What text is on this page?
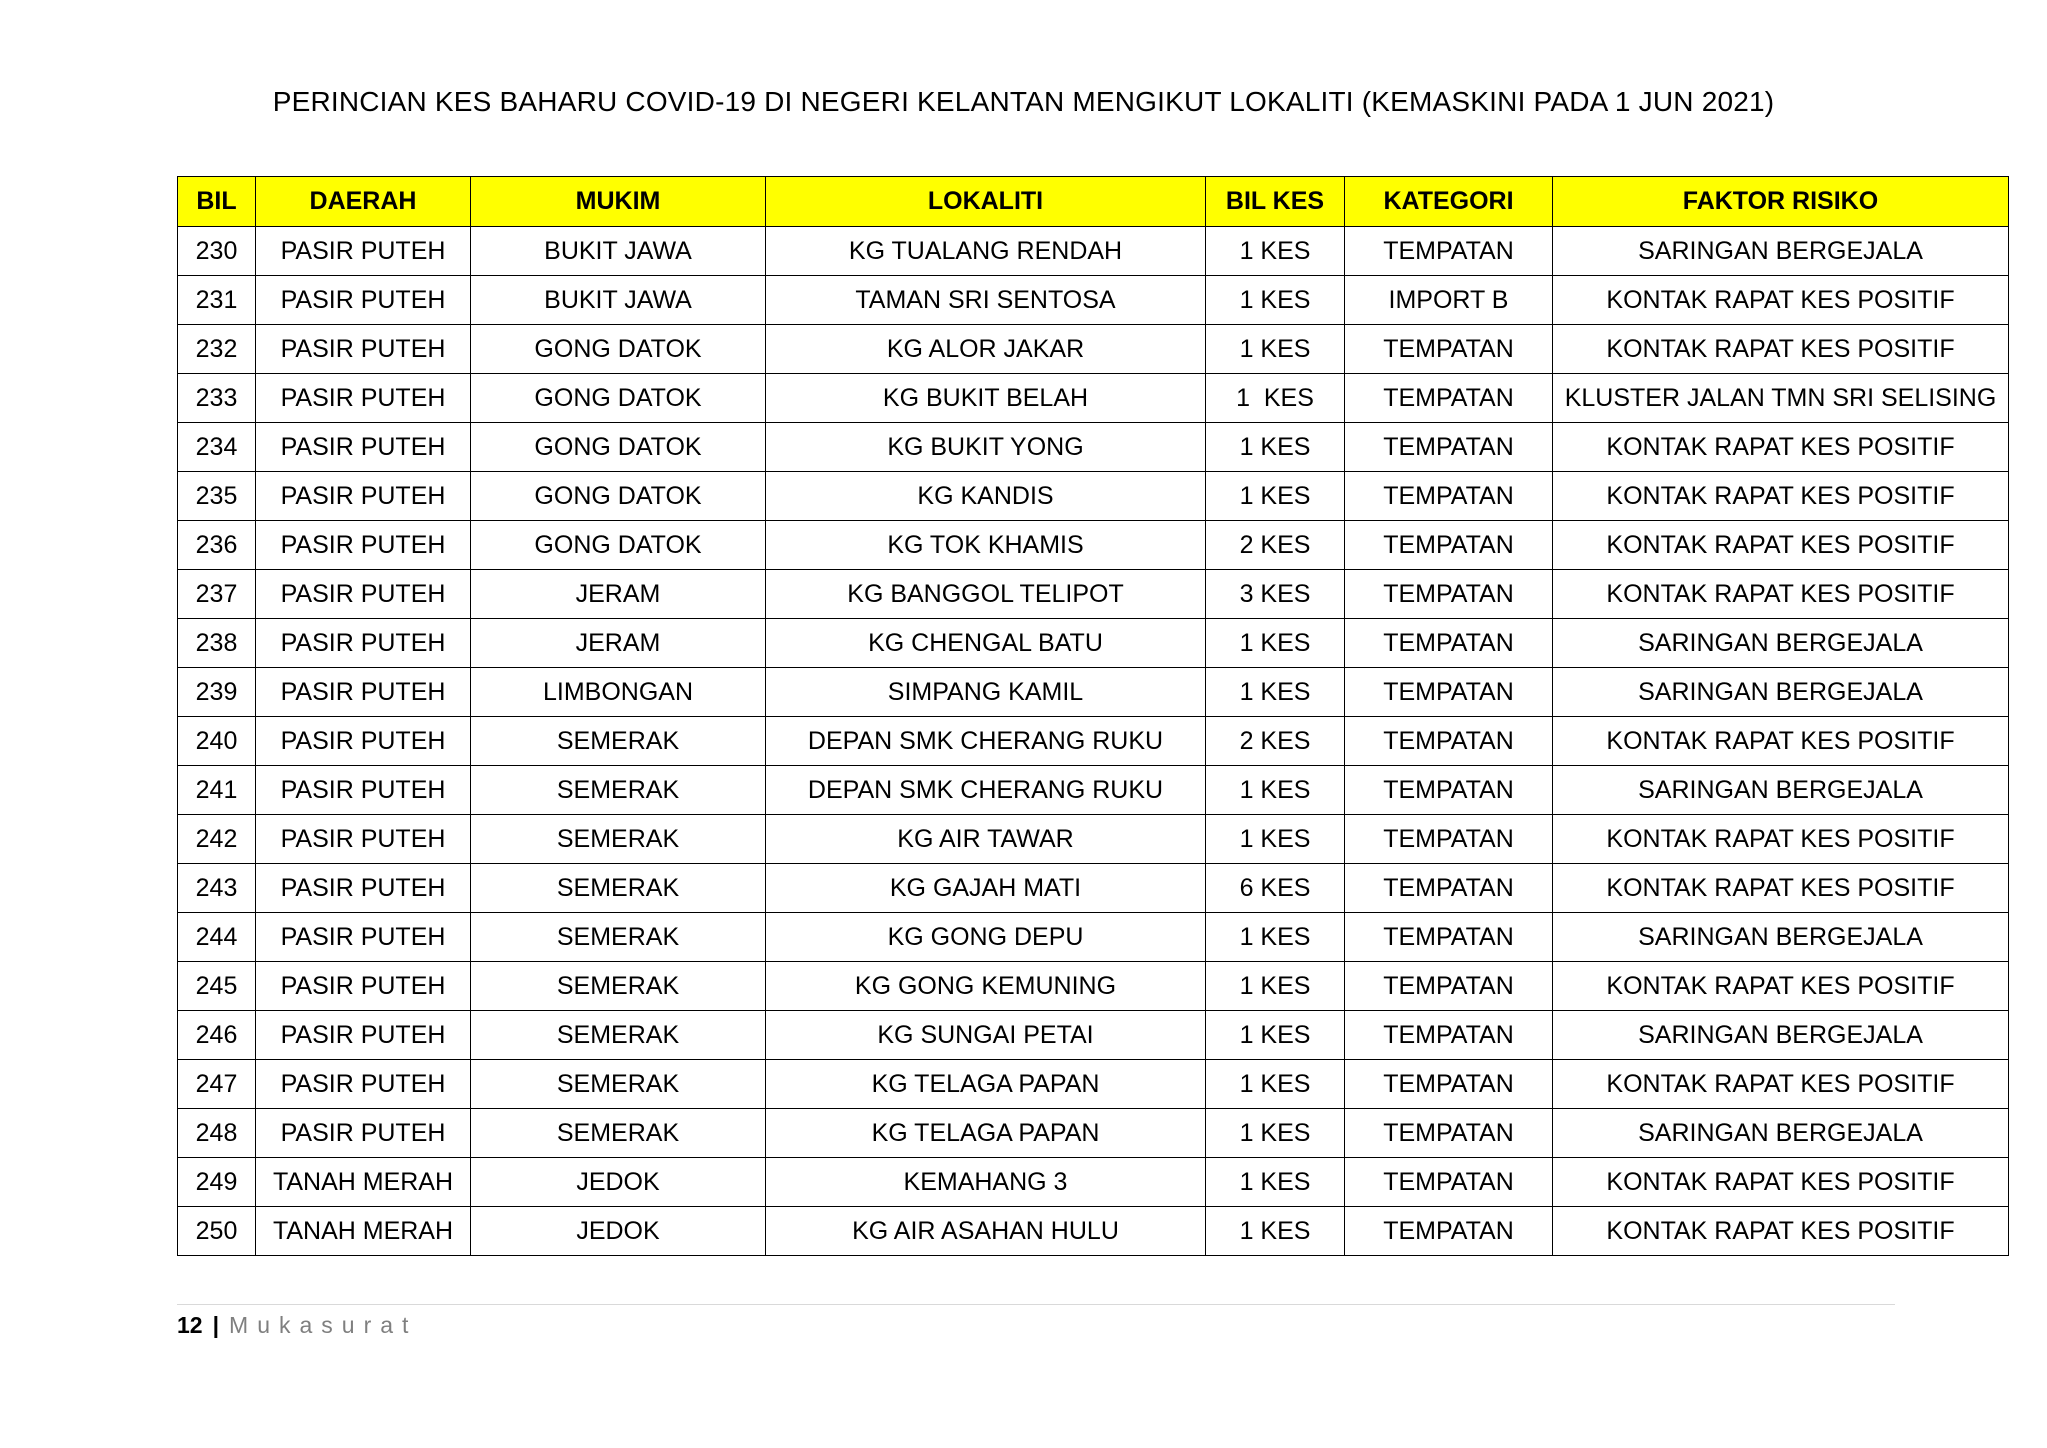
PERINCIAN KES BAHARU COVID-19 DI NEGERI KELANTAN MENGIKUT LOKALITI (KEMASKINI PADA 1 JUN 2021)
BIL	DAERAH	MUKIM	LOKALITI	BIL KES	KATEGORI	FAKTOR RISIKO
230	PASIR PUTEH	BUKIT JAWA	KG TUALANG RENDAH	1 KES	TEMPATAN	SARINGAN BERGEJALA
231	PASIR PUTEH	BUKIT JAWA	TAMAN SRI SENTOSA	1 KES	IMPORT B	KONTAK RAPAT KES POSITIF
232	PASIR PUTEH	GONG DATOK	KG ALOR JAKAR	1 KES	TEMPATAN	KONTAK RAPAT KES POSITIF
233	PASIR PUTEH	GONG DATOK	KG BUKIT BELAH	1  KES	TEMPATAN	KLUSTER JALAN TMN SRI SELISING
234	PASIR PUTEH	GONG DATOK	KG BUKIT YONG	1 KES	TEMPATAN	KONTAK RAPAT KES POSITIF
235	PASIR PUTEH	GONG DATOK	KG KANDIS	1 KES	TEMPATAN	KONTAK RAPAT KES POSITIF
236	PASIR PUTEH	GONG DATOK	KG TOK KHAMIS	2 KES	TEMPATAN	KONTAK RAPAT KES POSITIF
237	PASIR PUTEH	JERAM	KG BANGGOL TELIPOT	3 KES	TEMPATAN	KONTAK RAPAT KES POSITIF
238	PASIR PUTEH	JERAM	KG CHENGAL BATU	1 KES	TEMPATAN	SARINGAN BERGEJALA
239	PASIR PUTEH	LIMBONGAN	SIMPANG KAMIL	1 KES	TEMPATAN	SARINGAN BERGEJALA
240	PASIR PUTEH	SEMERAK	DEPAN SMK CHERANG RUKU	2 KES	TEMPATAN	KONTAK RAPAT KES POSITIF
241	PASIR PUTEH	SEMERAK	DEPAN SMK CHERANG RUKU	1 KES	TEMPATAN	SARINGAN BERGEJALA
242	PASIR PUTEH	SEMERAK	KG AIR TAWAR	1 KES	TEMPATAN	KONTAK RAPAT KES POSITIF
243	PASIR PUTEH	SEMERAK	KG GAJAH MATI	6 KES	TEMPATAN	KONTAK RAPAT KES POSITIF
244	PASIR PUTEH	SEMERAK	KG GONG DEPU	1 KES	TEMPATAN	SARINGAN BERGEJALA
245	PASIR PUTEH	SEMERAK	KG GONG KEMUNING	1 KES	TEMPATAN	KONTAK RAPAT KES POSITIF
246	PASIR PUTEH	SEMERAK	KG SUNGAI PETAI	1 KES	TEMPATAN	SARINGAN BERGEJALA
247	PASIR PUTEH	SEMERAK	KG TELAGA PAPAN	1 KES	TEMPATAN	KONTAK RAPAT KES POSITIF
248	PASIR PUTEH	SEMERAK	KG TELAGA PAPAN	1 KES	TEMPATAN	SARINGAN BERGEJALA
249	TANAH MERAH	JEDOK	KEMAHANG 3	1 KES	TEMPATAN	KONTAK RAPAT KES POSITIF
250	TANAH MERAH	JEDOK	KG AIR ASAHAN HULU	1 KES	TEMPATAN	KONTAK RAPAT KES POSITIF
12 | Mukasurat
